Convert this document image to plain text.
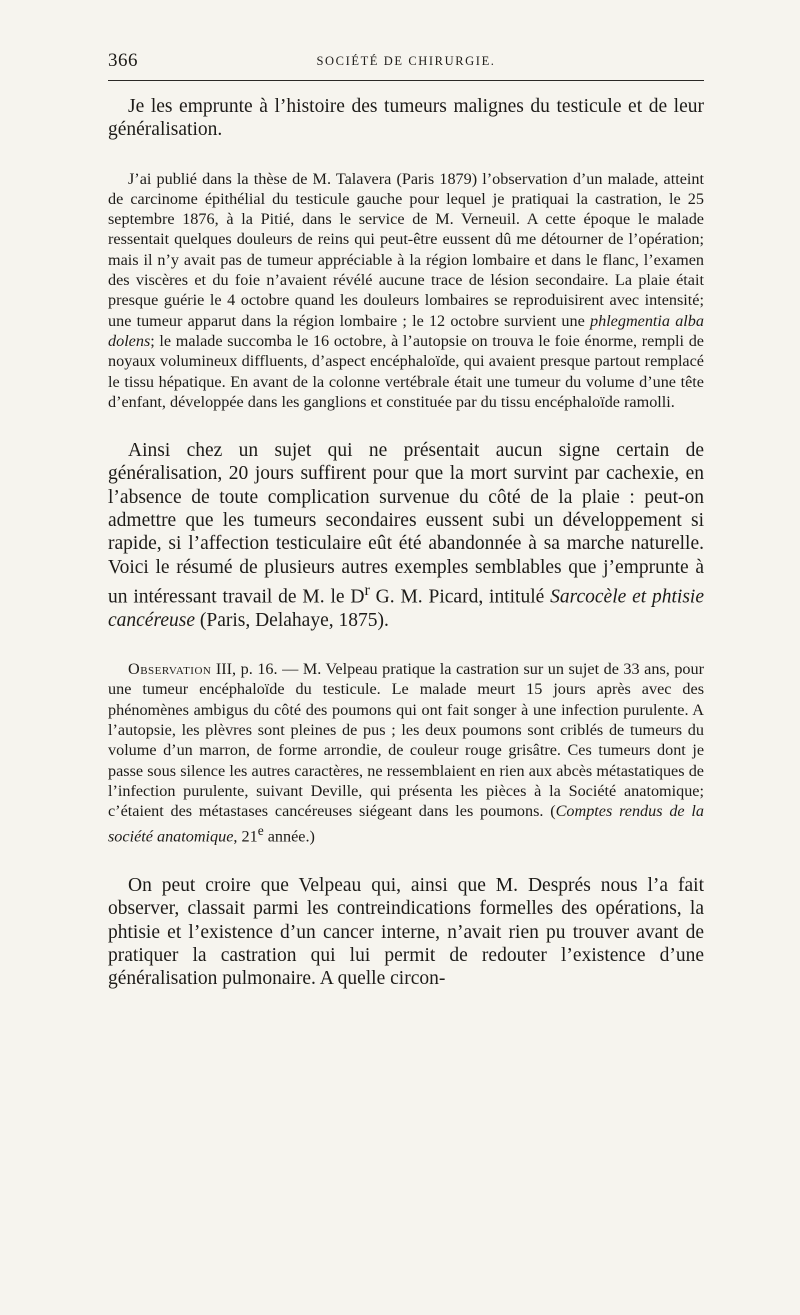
366	SOCIÉTÉ DE CHIRURGIE.

Je les emprunte à l’histoire des tumeurs malignes du testicule et de leur généralisation.

J’ai publié dans la thèse de M. Talavera (Paris 1879) l’observation d’un malade, atteint de carcinome épithélial du testicule gauche pour lequel je pratiquai la castration, le 25 septembre 1876, à la Pitié, dans le service de M. Verneuil. A cette époque le malade ressentait quelques douleurs de reins qui peut-être eussent dû me détourner de l’opération; mais il n’y avait pas de tumeur appréciable à la région lombaire et dans le flanc, l’examen des viscères et du foie n’avaient révélé aucune trace de lésion secondaire. La plaie était presque guérie le 4 octobre quand les douleurs lombaires se reproduisirent avec intensité; une tumeur apparut dans la région lombaire ; le 12 octobre survient une phlegmentia alba dolens; le malade succomba le 16 octobre, à l’autopsie on trouva le foie énorme, rempli de noyaux volumineux diffluents, d’aspect encéphaloïde, qui avaient presque partout remplacé le tissu hépatique. En avant de la colonne vertébrale était une tumeur du volume d’une tête d’enfant, développée dans les ganglions et constituée par du tissu encéphaloïde ramolli.

Ainsi chez un sujet qui ne présentait aucun signe certain de généralisation, 20 jours suffirent pour que la mort survint par cachexie, en l’absence de toute complication survenue du côté de la plaie : peut-on admettre que les tumeurs secondaires eussent subi un développement si rapide, si l’affection testiculaire eût été abandonnée à sa marche naturelle. Voici le résumé de plusieurs autres exemples semblables que j’emprunte à un intéressant travail de M. le $D^r$ G. M. Picard, intitulé Sarcocèle et phtisie cancéreuse (Paris, Delahaye, 1875).

Observation III, p. 16. — M. Velpeau pratique la castration sur un sujet de 33 ans, pour une tumeur encéphaloïde du testicule. Le malade meurt 15 jours après avec des phénomènes ambigus du côté des poumons qui ont fait songer à une infection purulente. A l’autopsie, les plèvres sont pleines de pus ; les deux poumons sont criblés de tumeurs du volume d’un marron, de forme arrondie, de couleur rouge grisâtre. Ces tumeurs dont je passe sous silence les autres caractères, ne ressemblaient en rien aux abcès métastatiques de l’infection purulente, suivant Deville, qui présenta les pièces à la Société anatomique; c’étaient des métastases cancéreuses siégeant dans les poumons. (Comptes rendus de la société anatomique, 21e année.)

On peut croire que Velpeau qui, ainsi que M. Després nous l’a fait observer, classait parmi les contreindications formelles des opérations, la phtisie et l’existence d’un cancer interne, n’avait rien pu trouver avant de pratiquer la castration qui lui permit de redouter l’existence d’une généralisation pulmonaire. A quelle circon-
